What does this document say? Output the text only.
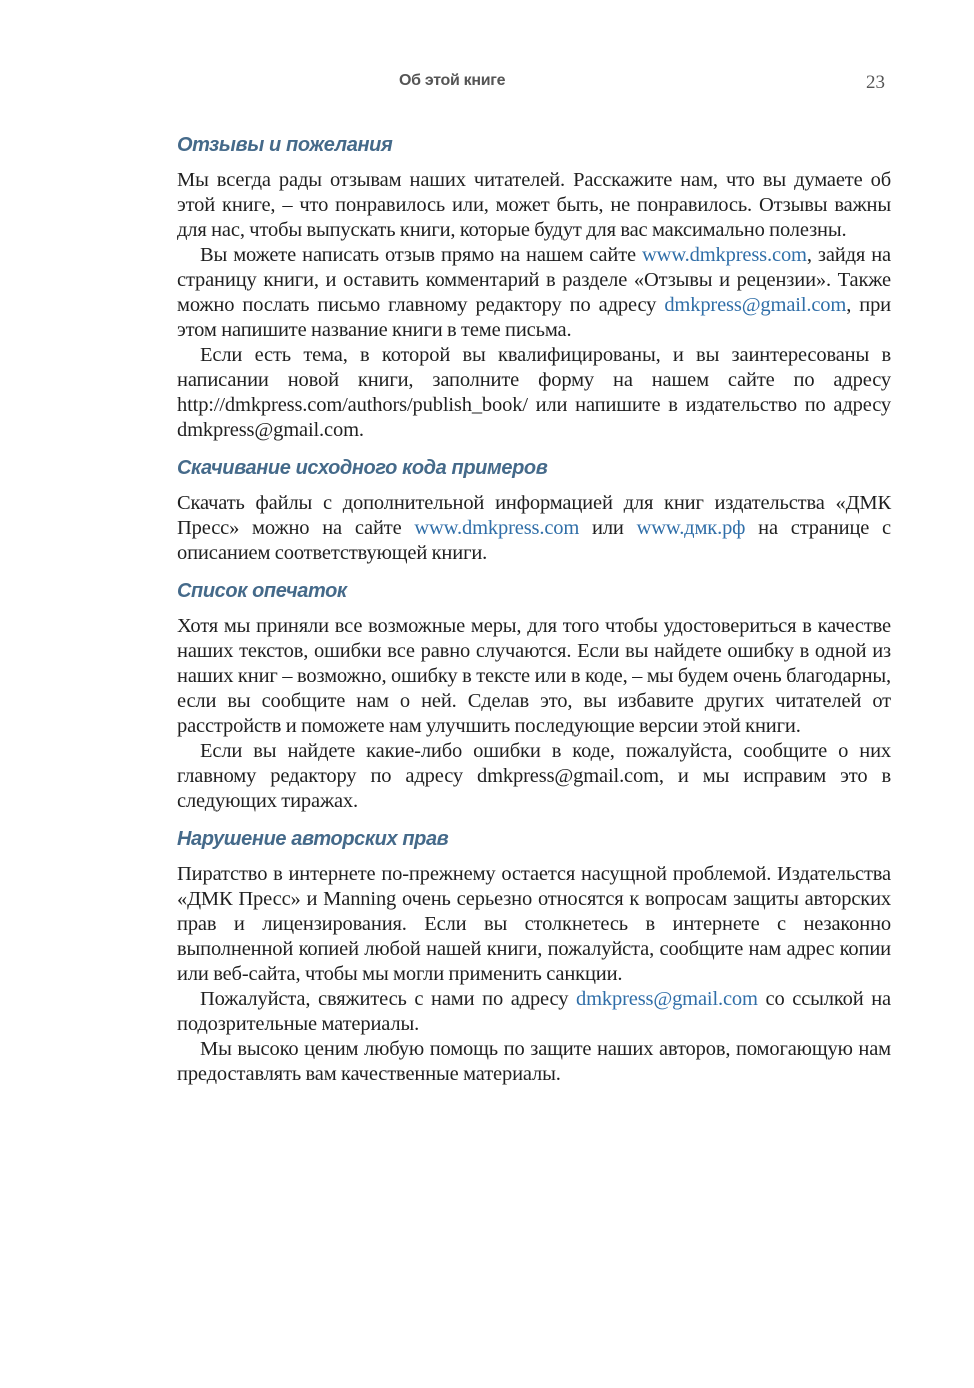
Об этой книге	23
Отзывы и пожелания

Мы всегда рады отзывам наших читателей. Расскажите нам, что вы думаете об этой книге, – что понравилось или, может быть, не понравилось. Отзывы важны для нас, чтобы выпускать книги, которые будут для вас максимально полезны.

Вы можете написать отзыв прямо на нашем сайте www.dmkpress.com, зайдя на страницу книги, и оставить комментарий в разделе «Отзывы и рецензии». Также можно послать письмо главному редактору по адресу dmkpress@gmail.com, при этом напишите название книги в теме письма.

Если есть тема, в которой вы квалифицированы, и вы заинтересованы в написании новой книги, заполните форму на нашем сайте по адресу http://dmkpress.com/authors/publish_book/ или напишите в издательство по адресу dmkpress@gmail.com.

Скачивание исходного кода примеров

Скачать файлы с дополнительной информацией для книг издательства «ДМК Пресс» можно на сайте www.dmkpress.com или www.дмк.рф на странице с описанием соответствующей книги.

Список опечаток

Хотя мы приняли все возможные меры, для того чтобы удостовериться в качестве наших текстов, ошибки все равно случаются. Если вы найдете ошибку в одной из наших книг – возможно, ошибку в тексте или в коде, – мы будем очень благодарны, если вы сообщите нам о ней. Сделав это, вы избавите других читателей от расстройств и поможете нам улучшить последующие версии этой книги.

Если вы найдете какие-либо ошибки в коде, пожалуйста, сообщите о них главному редактору по адресу dmkpress@gmail.com, и мы исправим это в следующих тиражах.

Нарушение авторских прав

Пиратство в интернете по-прежнему остается насущной проблемой. Издательства «ДМК Пресс» и Manning очень серьезно относятся к вопросам защиты авторских прав и лицензирования. Если вы столкнетесь в интернете с незаконно выполненной копией любой нашей книги, пожалуйста, сообщите нам адрес копии или веб-сайта, чтобы мы могли применить санкции.

Пожалуйста, свяжитесь с нами по адресу dmkpress@gmail.com со ссылкой на подозрительные материалы.

Мы высоко ценим любую помощь по защите наших авторов, помогающую нам предоставлять вам качественные материалы.
